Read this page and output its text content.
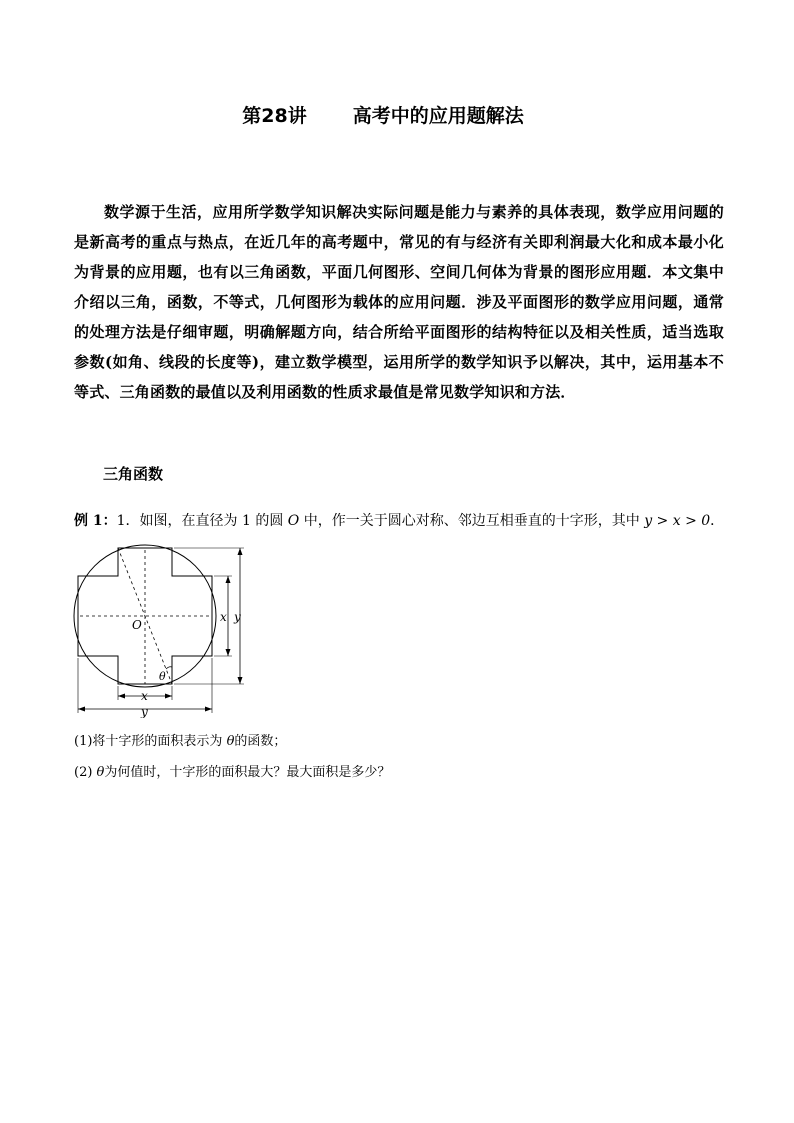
第28讲 高考中的应用题解法

数学源于生活，应用所学数学知识解决实际问题是能力与素养的具体表现，数学应用问题的是新高考的重点与热点，在近几年的高考题中，常见的有与经济有关即利润最大化和成本最小化为背景的应用题，也有以三角函数，平面几何图形、空间几何体为背景的图形应用题．本文集中介绍以三角，函数，不等式，几何图形为载体的应用问题．涉及平面图形的数学应用问题，通常的处理方法是仔细审题，明确解题方向，结合所给平面图形的结构特征以及相关性质，适当选取参数(如角、线段的长度等)，建立数学模型，运用所学的数学知识予以解决，其中，运用基本不等式、三角函数的最值以及利用函数的性质求最值是常见数学知识和方法．

三角函数
例 1：1．如图，在直径为 1 的圆 O 中，作一关于圆心对称、邻边互相垂直的十字形，其中 y > x > 0．
O
θ
x y
x
y
(1)将十字形的面积表示为 θ的函数；
(2) θ为何值时，十字形的面积最大？最大面积是多少？
